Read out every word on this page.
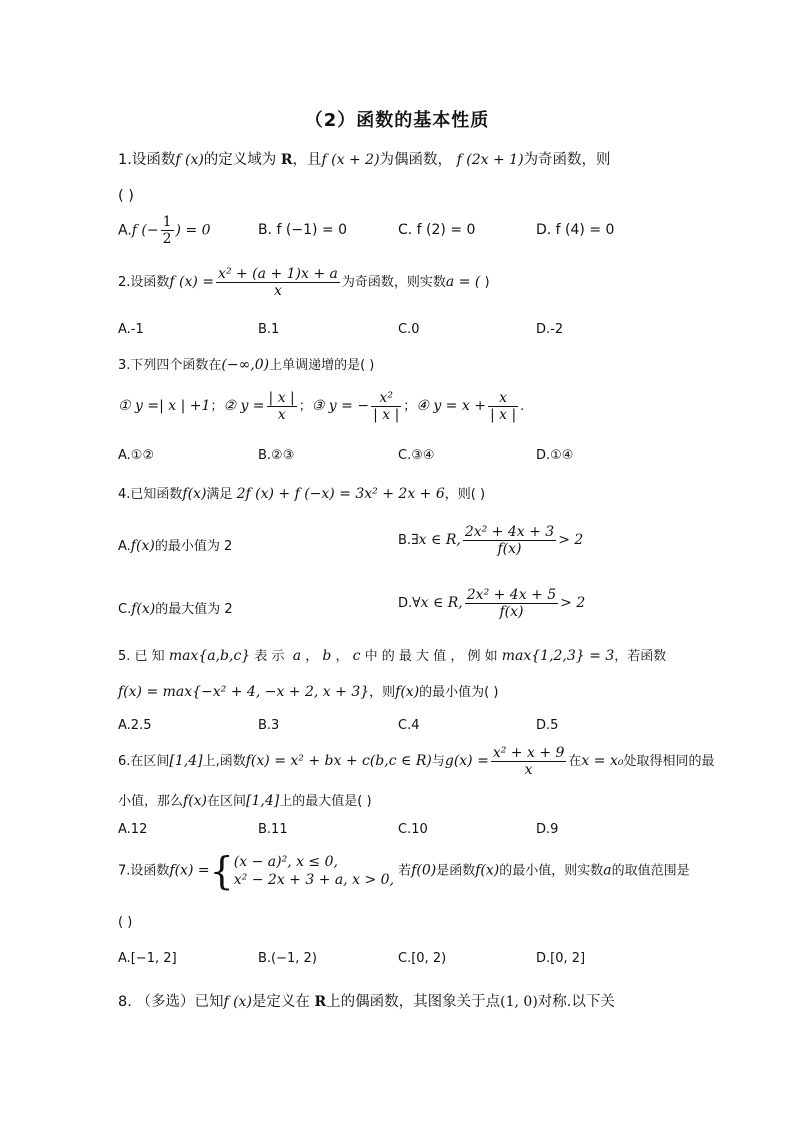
（2）函数的基本性质
1.设函数f (x)的定义域为 R，且f (x + 2)为偶函数， f (2x + 1)为奇函数，则
( )
A.f (− $\frac{1}{2}$ ) = 0	B. f (−1) = 0	C. f (2) = 0	D. f (4) = 0
2.设函数f $(x) = \frac{\text{x² + (a + 1)x + a}}{x}$ 为奇函数，则实数a = ( )
A.-1	B.1	C.0	D.-2
3.下列四个函数在(−∞,0)上单调递增的是( )
① y =| x | +1；② $y = \frac{| x |}{x}$ ；③ y = − $\frac{\text{x²}}{| x |}$ ；④ $y = x + \frac{x}{| x |}$ .
A.①②	B.②③	C.③④	D.①④
4.已知函数f(x)满足 2f (x) + f (−x) = 3x² + 2x + 6，则( )
A.f(x)的最小值为 2	B.∃x ∈ R, $\frac{\text{2x² + 4x + 3}}{f(x)} > 2$
C.f(x)的最大值为 2	D.∀x ∈ R, $\frac{\text{2x² + 4x + 5}}{f(x)} > 2$
5. 已 知 max{a,b,c} 表 示 a ， b ， c 中 的 最 大 值 ， 例 如 max{1,2,3} = 3，若函数
f(x) = max{−x² + 4, −x + 2, x + 3}，则f(x)的最小值为( )
A.2.5	B.3	C.4	D.5
6.在区间[1,4]上,函数f(x) = x² + bx + c(b,c ∈ R)与$g(x) = \frac{\text{x² + x + 9}}{x}$ 在x = x₀处取得相同的最
小值，那么f(x)在区间[1,4]上的最大值是( )
A.12	B.11	C.10	D.9
7.设函数f(x) ={ (x − a)², x ≤ 0,
x² − 2x + 3 + a, x > 0,
若f(0)是函数f(x)的最小值，则实数a的取值范围是
( )
A.[−1, 2]	B.(−1, 2)	C.[0, 2)	D.[0, 2]
8. （多选）已知f (x)是定义在 R上的偶函数，其图象关于点(1, 0)对称.以下关
